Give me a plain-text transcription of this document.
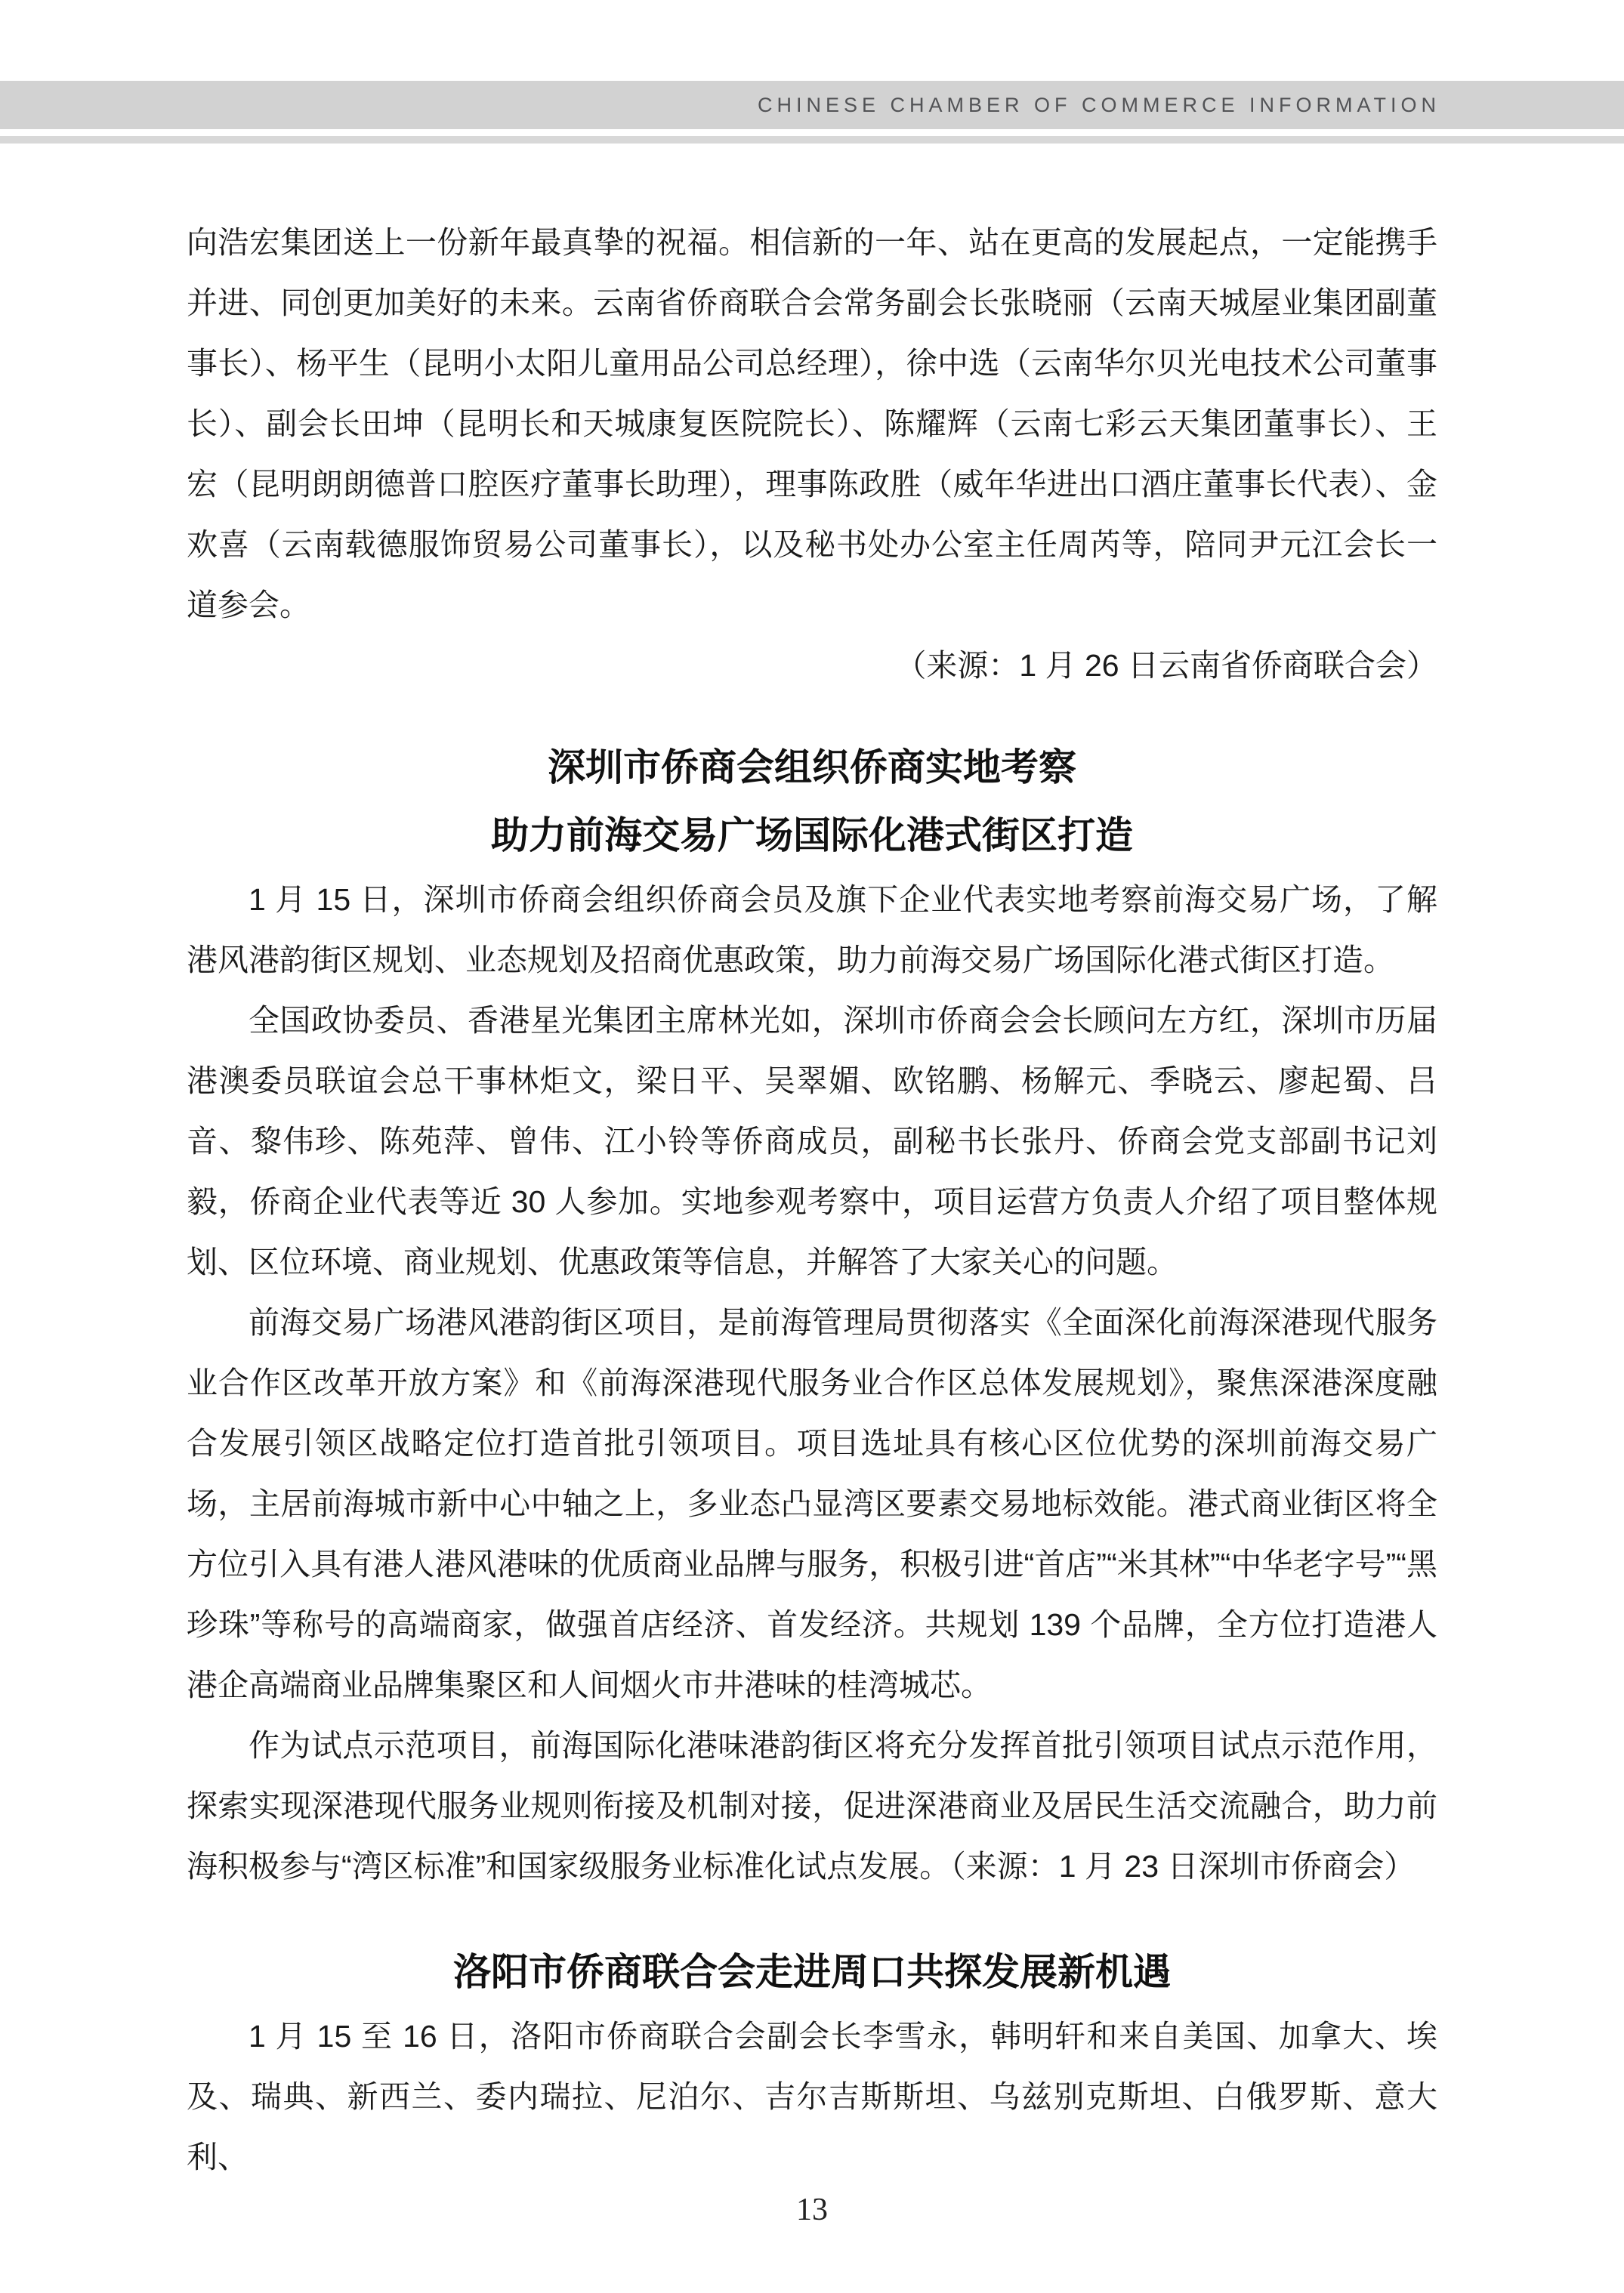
CHINESE CHAMBER OF COMMERCE INFORMATION

向浩宏集团送上一份新年最真挚的祝福。相信新的一年、站在更高的发展起点，一定能携手并进、同创更加美好的未来。云南省侨商联合会常务副会长张晓丽（云南天城屋业集团副董事长）、杨平生（昆明小太阳儿童用品公司总经理），徐中选（云南华尔贝光电技术公司董事长）、副会长田坤（昆明长和天城康复医院院长）、陈耀辉（云南七彩云天集团董事长）、王宏（昆明朗朗德普口腔医疗董事长助理），理事陈政胜（威年华进出口酒庄董事长代表）、金欢喜（云南载德服饰贸易公司董事长），以及秘书处办公室主任周芮等，陪同尹元江会长一道参会。

（来源：1 月 26 日云南省侨商联合会）

深圳市侨商会组织侨商实地考察
助力前海交易广场国际化港式街区打造

1 月 15 日，深圳市侨商会组织侨商会员及旗下企业代表实地考察前海交易广场，了解港风港韵街区规划、业态规划及招商优惠政策，助力前海交易广场国际化港式街区打造。

全国政协委员、香港星光集团主席林光如，深圳市侨商会会长顾问左方红，深圳市历届港澳委员联谊会总干事林炬文，梁日平、吴翠媚、欧铭鹏、杨解元、季晓云、廖起蜀、吕音、黎伟珍、陈苑萍、曾伟、江小铃等侨商成员，副秘书长张丹、侨商会党支部副书记刘毅，侨商企业代表等近 30 人参加。实地参观考察中，项目运营方负责人介绍了项目整体规划、区位环境、商业规划、优惠政策等信息，并解答了大家关心的问题。

前海交易广场港风港韵街区项目，是前海管理局贯彻落实《全面深化前海深港现代服务业合作区改革开放方案》和《前海深港现代服务业合作区总体发展规划》，聚焦深港深度融合发展引领区战略定位打造首批引领项目。项目选址具有核心区位优势的深圳前海交易广场，主居前海城市新中心中轴之上，多业态凸显湾区要素交易地标效能。港式商业街区将全方位引入具有港人港风港味的优质商业品牌与服务，积极引进“首店”“米其林”“中华老字号”“黑珍珠”等称号的高端商家，做强首店经济、首发经济。共规划 139 个品牌，全方位打造港人港企高端商业品牌集聚区和人间烟火市井港味的桂湾城芯。

作为试点示范项目，前海国际化港味港韵街区将充分发挥首批引领项目试点示范作用，探索实现深港现代服务业规则衔接及机制对接，促进深港商业及居民生活交流融合，助力前海积极参与“湾区标准”和国家级服务业标准化试点发展。（来源：1 月 23 日深圳市侨商会）

洛阳市侨商联合会走进周口共探发展新机遇

1 月 15 至 16 日，洛阳市侨商联合会副会长李雪永，韩明轩和来自美国、加拿大、埃及、瑞典、新西兰、委内瑞拉、尼泊尔、吉尔吉斯斯坦、乌兹别克斯坦、白俄罗斯、意大利、

13
